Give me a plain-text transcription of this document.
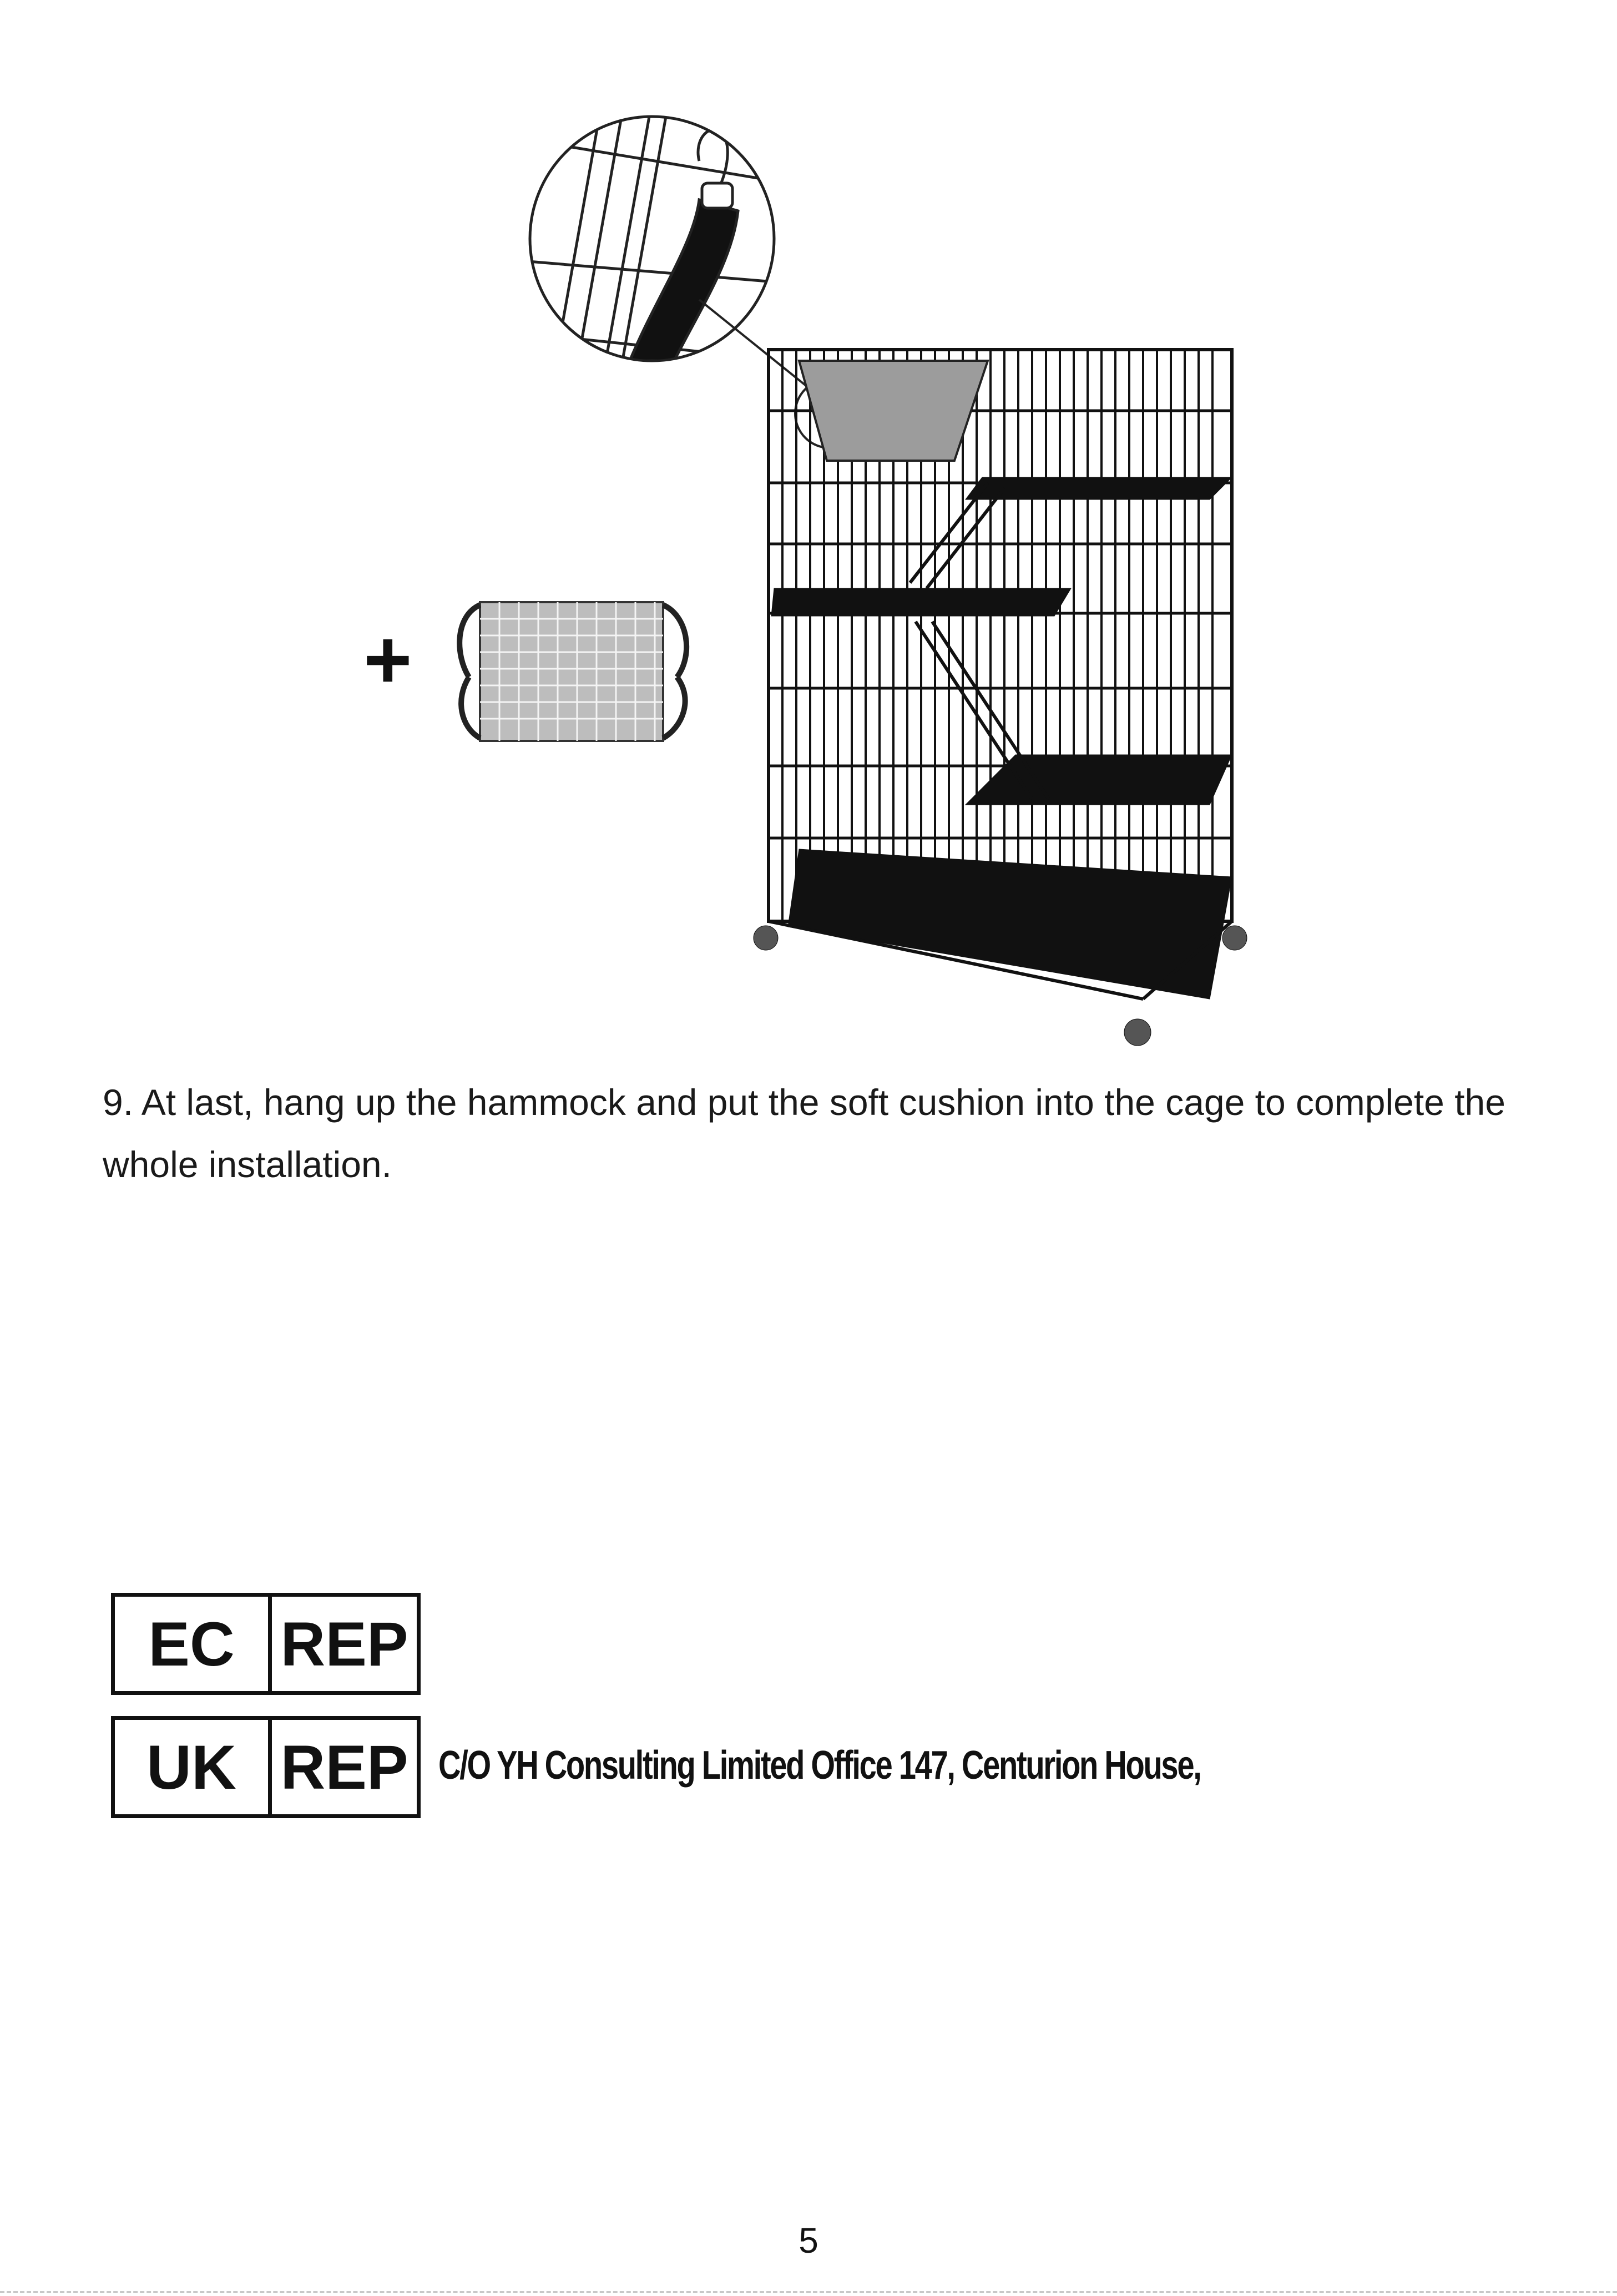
+
9. At last, hang up the hammock and put the soft cushion into the cage to complete the whole installation.
EC REP
UK REP C/O YH Consulting Limited Office 147, Centurion House,
5
